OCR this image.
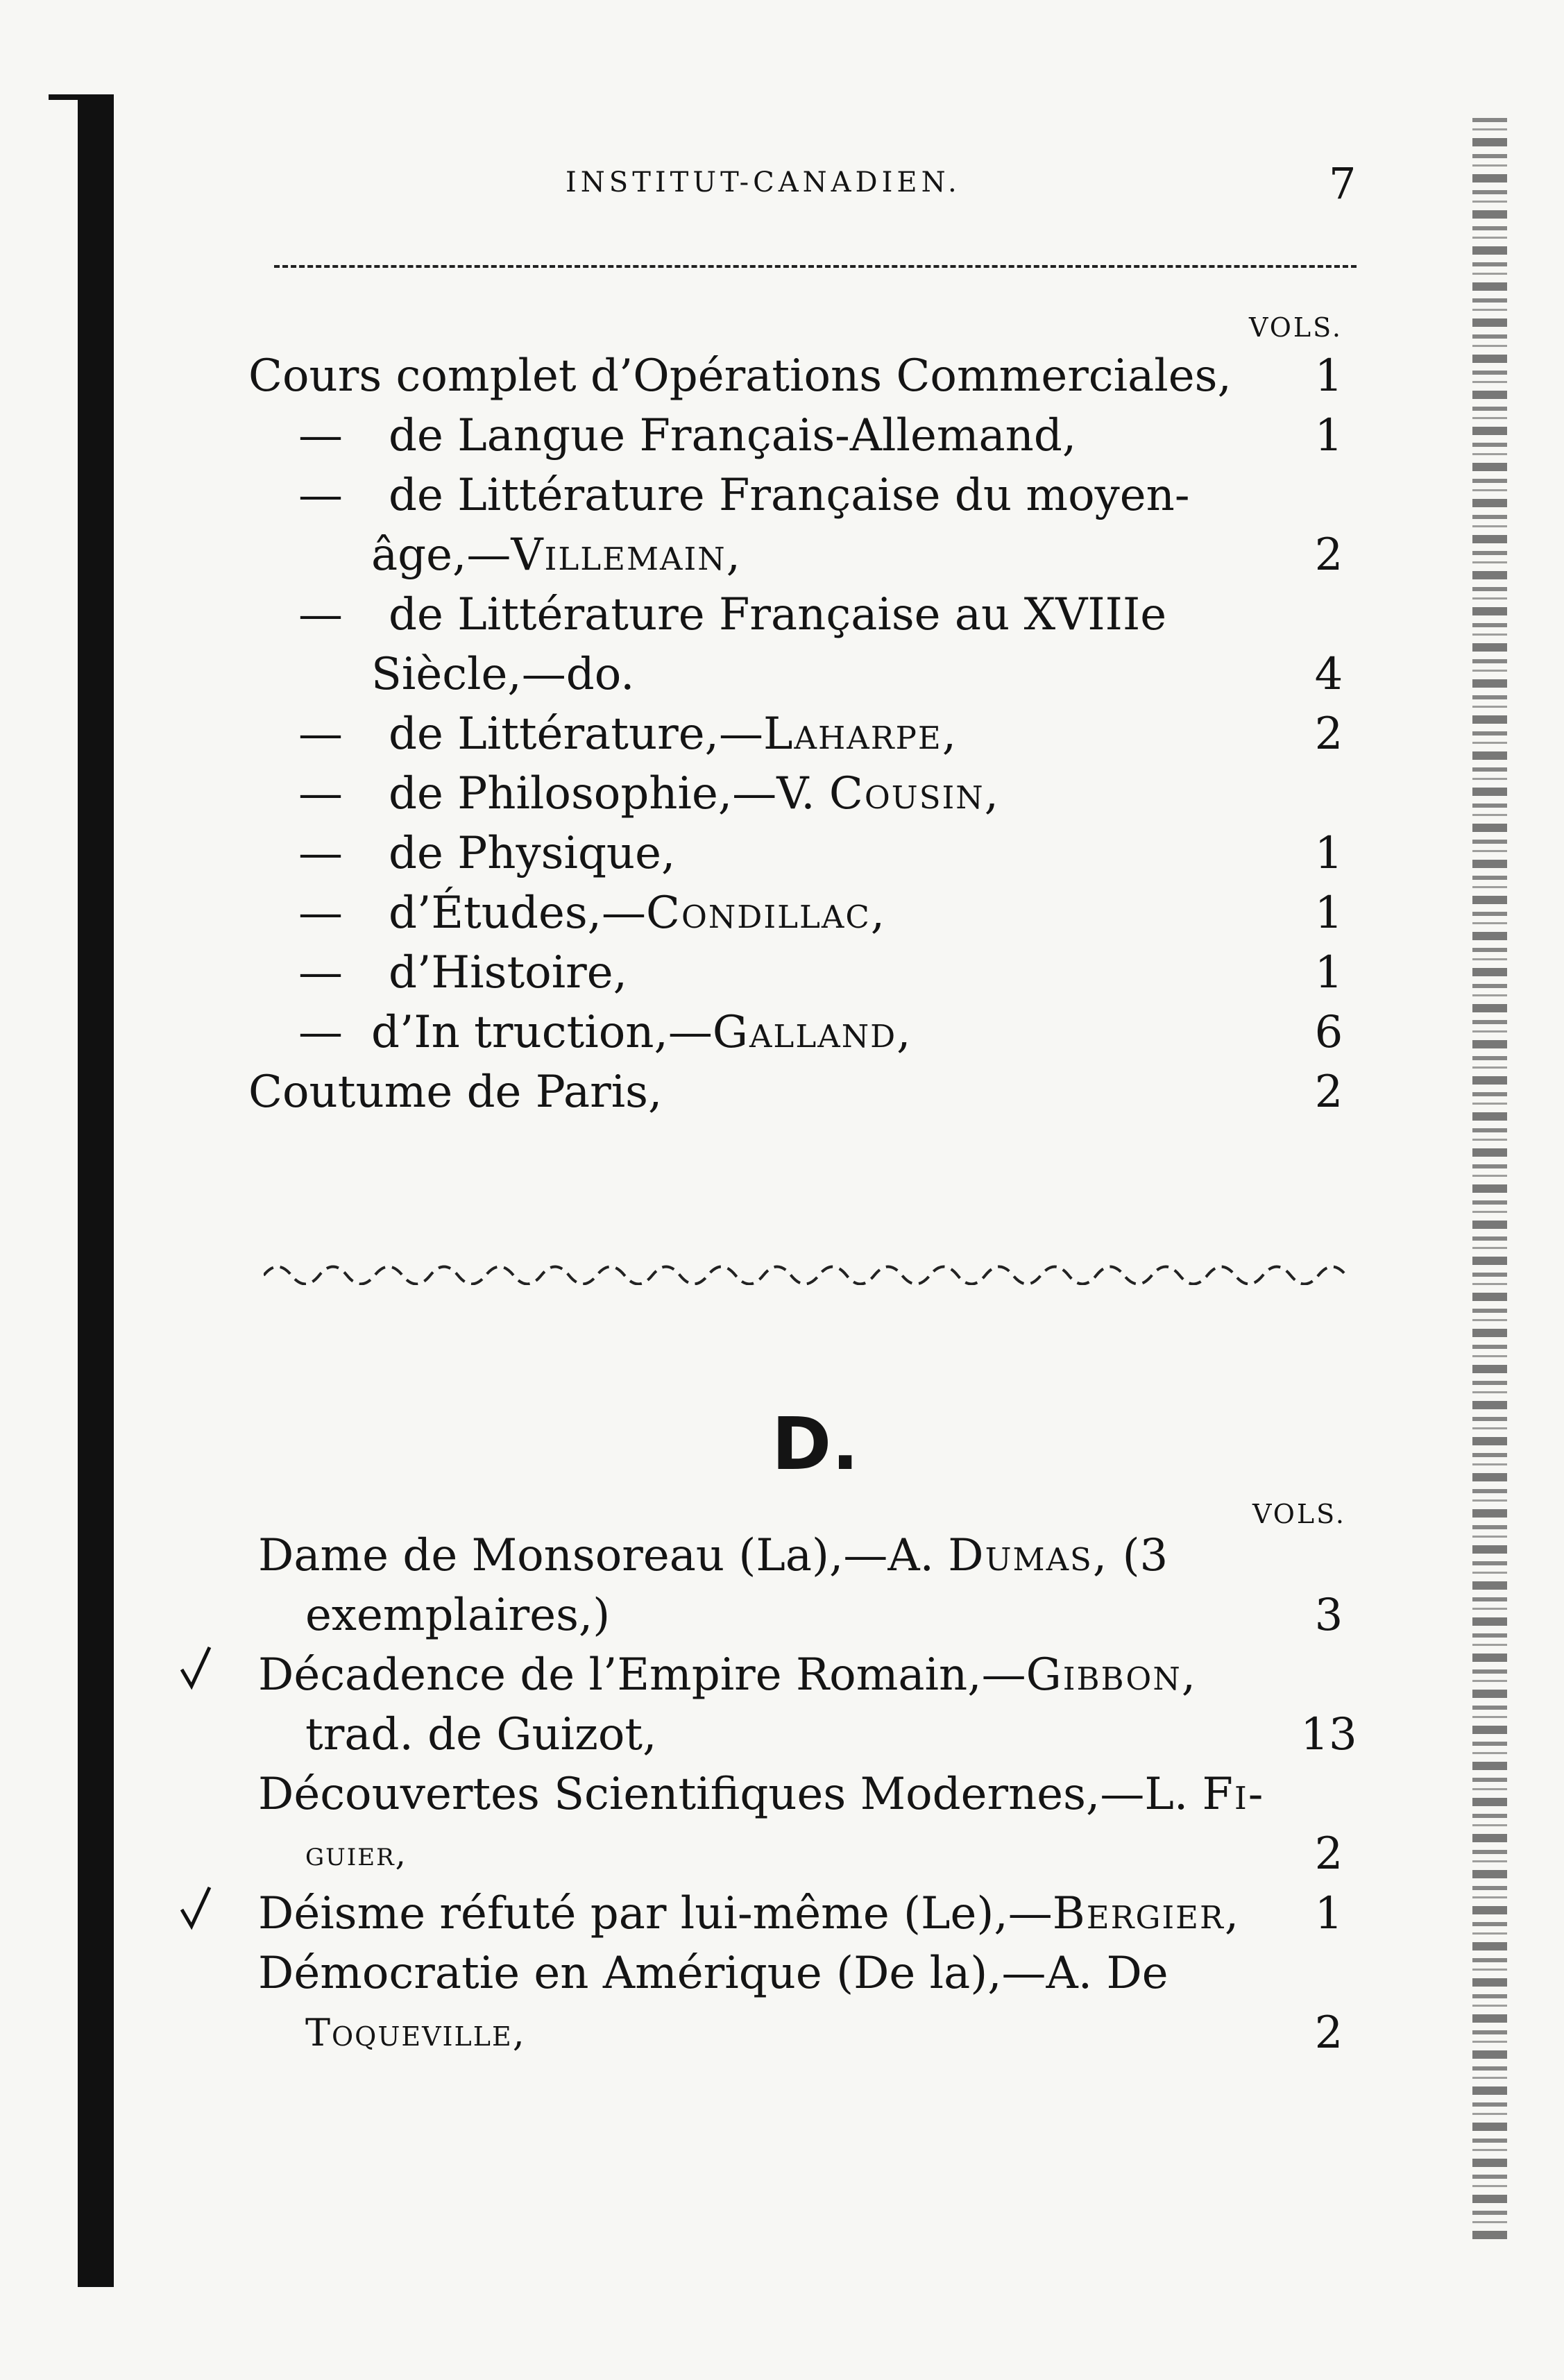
INSTITUT-CANADIEN.	7
VOLS.
Cours complet d’Opérations Commerciales,	1
— de Langue Français-Allemand,	1
— de Littérature Française du moyen-
âge,—Villemain,	2
— de Littérature Française au XVIIIe
Siècle,—do.	4
— de Littérature,—Laharpe,	2
— de Philosophie,—V. Cousin,
— de Physique,	1
— d’Études,—Condillac,	1
— d’Histoire,	1
— d’In truction,—Galland,	6
Coutume de Paris,	2
D.
VOLS.
Dame de Monsoreau (La),—A. Dumas, (3
exemplaires,)	3
Décadence de l’Empire Romain,—Gibbon,
trad. de Guizot,	13
Découvertes Scientifiques Modernes,—L. Fi-
guier,	2
Déisme réfuté par lui-même (Le),—Bergier,	1
Démocratie en Amérique (De la),—A. De
Toqueville,	2
